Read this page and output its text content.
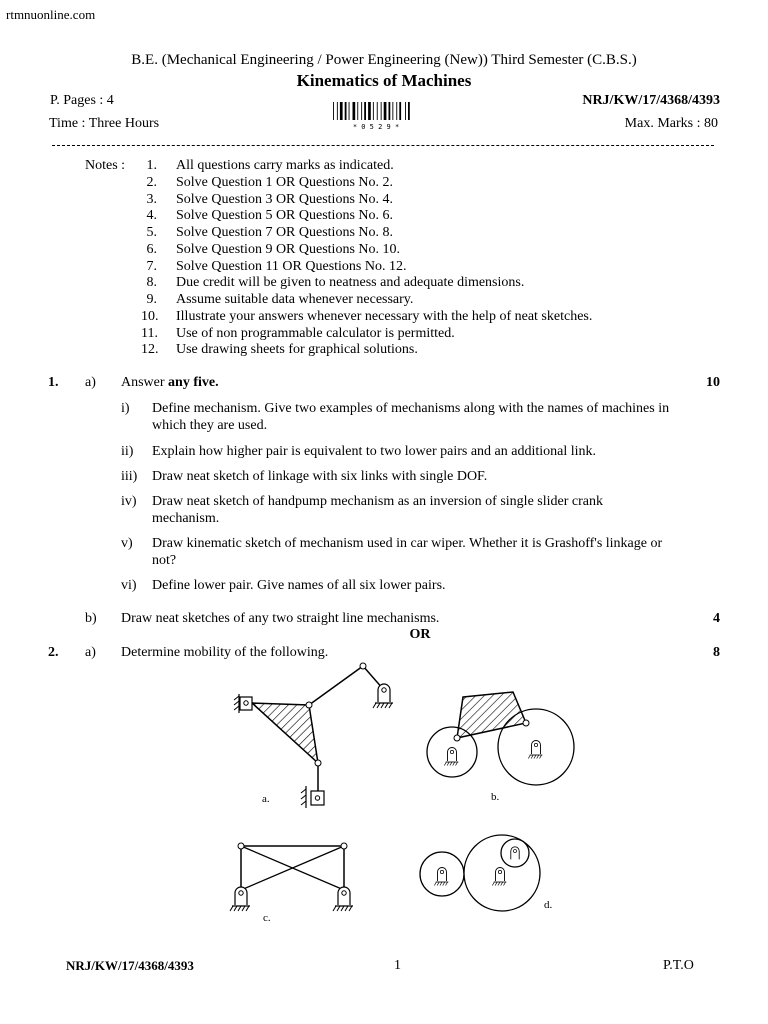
rtmnuonline.com
B.E. (Mechanical Engineering / Power Engineering (New)) Third Semester (C.B.S.)
Kinematics of Machines
P. Pages : 4	NRJ/KW/17/4368/4393
Time : Three Hours	Max. Marks : 80
* 0 5 2 9 *
Notes :	1. All questions carry marks as indicated.
2. Solve Question 1 OR Questions No. 2.
3. Solve Question 3 OR Questions No. 4.
4. Solve Question 5 OR Questions No. 6.
5. Solve Question 7 OR Questions No. 8.
6. Solve Question 9 OR Questions No. 10.
7. Solve Question 11 OR Questions No. 12.
8. Due credit will be given to neatness and adequate dimensions.
9. Assume suitable data whenever necessary.
10. Illustrate your answers whenever necessary with the help of neat sketches.
11. Use of non programmable calculator is permitted.
12. Use drawing sheets for graphical solutions.
1. a) Answer any five.	10
i) Define mechanism. Give two examples of mechanisms along with the names of machines in which they are used.
ii) Explain how higher pair is equivalent to two lower pairs and an additional link.
iii) Draw neat sketch of linkage with six links with single DOF.
iv) Draw neat sketch of handpump mechanism as an inversion of single slider crank mechanism.
v) Draw kinematic sketch of mechanism used in car wiper. Whether it is Grashoff's linkage or not?
vi) Define lower pair. Give names of all six lower pairs.
b) Draw neat sketches of any two straight line mechanisms.	4
OR
2. a) Determine mobility of the following.	8
a.	b.
c.
d.
NRJ/KW/17/4368/4393	1	P.T.O
